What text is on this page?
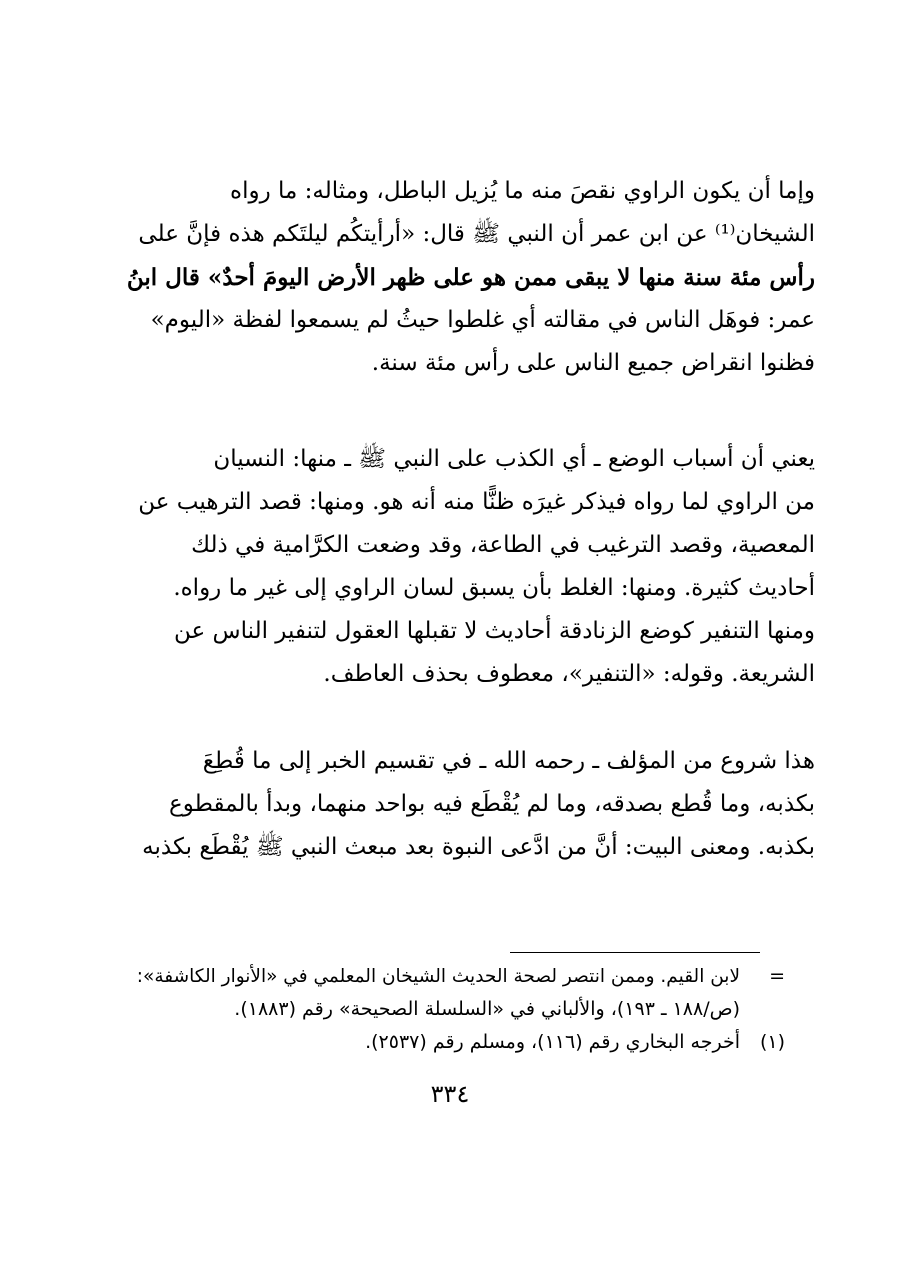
وإما أن يكون الراوي نقصَ منه ما يُزيل الباطل، ومثاله: ما رواه
الشيخان⁽¹⁾ عن ابن عمر أن النبي ﷺ قال: «أرأيتكُم ليلتَكم هذه فإنَّ على
رأس مئة سنة منها لا يبقى ممن هو على ظهر الأرض اليومَ أحدٌ» قال ابنُ
عمر: فوهَل الناس في مقالته أي غلطوا حيثُ لم يسمعوا لفظة «اليوم»
فظنوا انقراض جميع الناس على رأس مئة سنة.
يعني أن أسباب الوضع ـ أي الكذب على النبي ﷺ ـ منها: النسيان
من الراوي لما رواه فيذكر غيرَه ظنًّا منه أنه هو. ومنها: قصد الترهيب عن
المعصية، وقصد الترغيب في الطاعة، وقد وضعت الكرَّامية في ذلك
أحاديث كثيرة. ومنها: الغلط بأن يسبق لسان الراوي إلى غير ما رواه.
ومنها التنفير كوضع الزنادقة أحاديث لا تقبلها العقول لتنفير الناس عن
الشريعة. وقوله: «التنفير»، معطوف بحذف العاطف.
هذا شروع من المؤلف ـ رحمه الله ـ في تقسيم الخبر إلى ما قُطِعَ
بكذبه، وما قُطع بصدقه، وما لم يُقْطَع فيه بواحد منهما، وبدأ بالمقطوع
بكذبه. ومعنى البيت: أنَّ من ادَّعى النبوة بعد مبعث النبي ﷺ يُقْطَع بكذبه
=
لابن القيم. وممن انتصر لصحة الحديث الشيخان المعلمي في «الأنوار الكاشفة»:
(ص/١٨٨ ـ ١٩٣)، والألباني في «السلسلة الصحيحة» رقم (١٨٨٣).
(١)
أخرجه البخاري رقم (١١٦)، ومسلم رقم (٢٥٣٧).
٣٣٤
